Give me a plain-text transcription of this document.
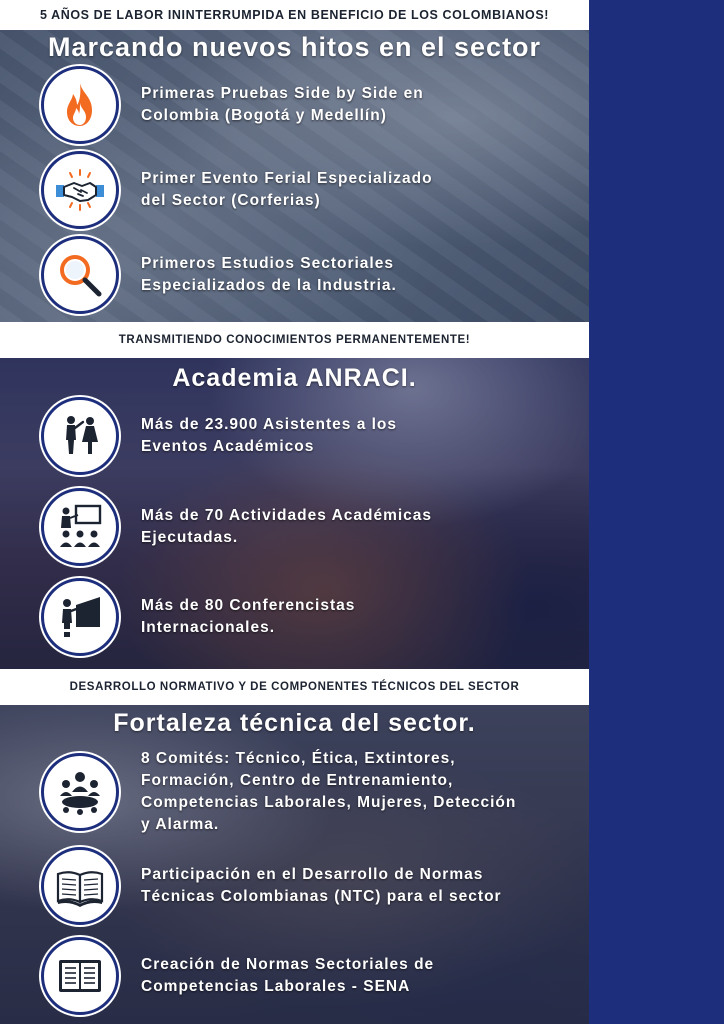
5 AÑOS DE LABOR ININTERRUMPIDA EN BENEFICIO DE LOS COLOMBIANOS!
Marcando nuevos hitos en el sector
Primeras Pruebas Side by Side en
Colombia (Bogotá y Medellín)
Primer Evento Ferial Especializado
del Sector (Corferias)
Primeros Estudios Sectoriales
Especializados de la Industria.
TRANSMITIENDO CONOCIMIENTOS PERMANENTEMENTE!
Academia ANRACI.
Más de 23.900 Asistentes a los
Eventos Académicos
Más de 70 Actividades Académicas
Ejecutadas.
Más de 80 Conferencistas
Internacionales.
DESARROLLO NORMATIVO Y DE COMPONENTES TÉCNICOS DEL SECTOR
Fortaleza técnica del sector.
8 Comités: Técnico, Ética, Extintores,
Formación, Centro de Entrenamiento,
Competencias Laborales, Mujeres, Detección
y Alarma.
Participación en el Desarrollo de Normas
Técnicas Colombianas (NTC) para el sector
Creación de Normas Sectoriales de
Competencias Laborales - SENA
